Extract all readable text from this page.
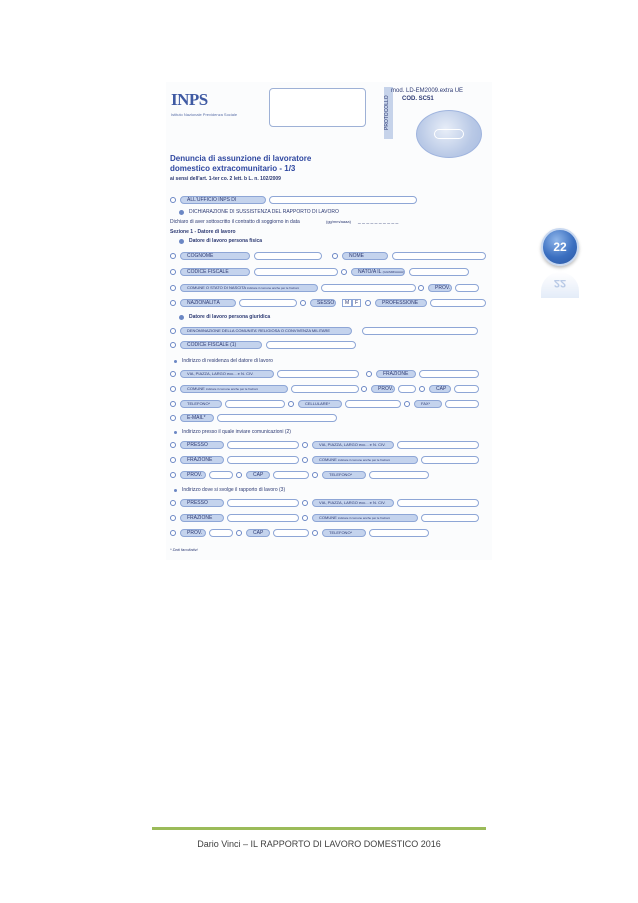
INPS
Istituto Nazionale Previdenza Sociale	PROTOCOLLO
mod. LD-EM2009.extra UE
COD. SC51
Denuncia di assunzione di lavoratore
domestico extracomunitario - 1/3
ai sensi dell'art. 1-ter co. 2 lett. b L. n. 102/2009
ALL'UFFICIO INPS DI
DICHIARAZIONE DI SUSSISTENZA DEL RAPPORTO DI LAVORO
Dichiaro di aver sottoscritto il contratto di soggiorno in data	(gg/mm/aaaa) _ _ _ _ _ _ _ _ _ _
Sezione 1 - Datore di lavoro
Datore di lavoro persona fisica
COGNOME	NOME
CODICE FISCALE	NATO/A IL (GG/MM/AAAA)
COMUNE O STATO DI NASCITA indicare il comune anche per le frazioni	PROV.
NAZIONALITÀ	SESSO	M	F	PROFESSIONE
Datore di lavoro persona giuridica
DENOMINAZIONE DELLA COMUNITA' RELIGIOSA O CONVIVENZA MILITARE
CODICE FISCALE (1)
Indirizzo di residenza del datore di lavoro
VIA, PIAZZA, LARGO ecc... e N. CIV.	FRAZIONE
COMUNE indicare il comune anche per le frazioni	PROV.	CAP
TELEFONO*	CELLULARE*	FAX*
E-MAIL*
Indirizzo presso il quale inviare comunicazioni (2)
PRESSO	VIA, PIAZZA, LARGO ecc... e N. CIV.
FRAZIONE	COMUNE indicare il comune anche per le frazioni
PROV.	CAP	TELEFONO*
Indirizzo dove si svolge il rapporto di lavoro (3)
PRESSO	VIA, PIAZZA, LARGO ecc... e N. CIV.
FRAZIONE	COMUNE indicare il comune anche per le frazioni
PROV.	CAP	TELEFONO*
* Dati facoltativi
22
22
Dario Vinci – IL RAPPORTO DI LAVORO DOMESTICO 2016
